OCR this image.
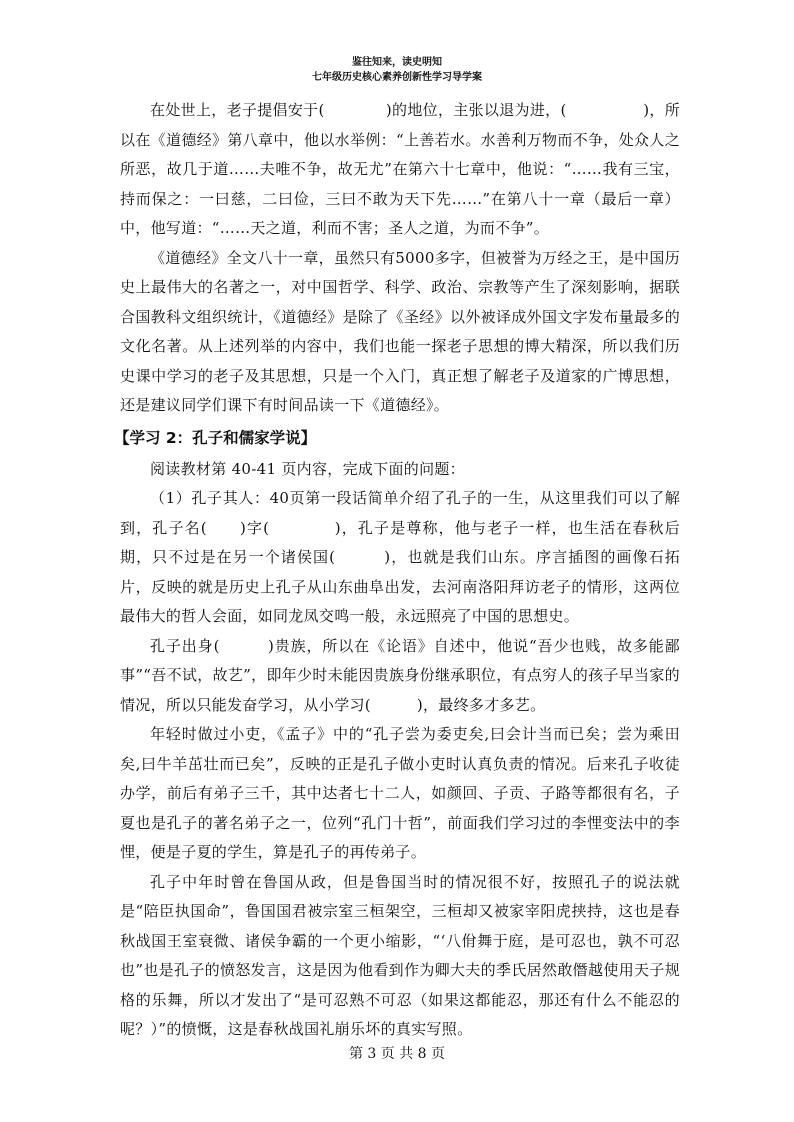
鉴往知来，读史明知
七年级历史核心素养创新性学习导学案

在处世上，老子提倡安于(　　　　)的地位，主张以退为进，(　　　　　)，所以在《道德经》第八章中，他以水举例：“上善若水。水善利万物而不争，处众人之所恶，故几于道……夫唯不争，故无尤”在第六十七章中，他说：“……我有三宝，持而保之：一曰慈，二曰俭，三曰不敢为天下先……”在第八十一章（最后一章）中，他写道：“……天之道，利而不害；圣人之道，为而不争”。

《道德经》全文八十一章，虽然只有5000多字，但被誉为万经之王，是中国历史上最伟大的名著之一，对中国哲学、科学、政治、宗教等产生了深刻影响，据联合国教科文组织统计，《道德经》是除了《圣经》以外被译成外国文字发布量最多的文化名著。从上述列举的内容中，我们也能一探老子思想的博大精深，所以我们历史课中学习的老子及其思想，只是一个入门，真正想了解老子及道家的广博思想，还是建议同学们课下有时间品读一下《道德经》。

【学习 2：孔子和儒家学说】

阅读教材第 40-41 页内容，完成下面的问题：

（1）孔子其人：40页第一段话简单介绍了孔子的一生，从这里我们可以了解到，孔子名(　　)字(　　　　)，孔子是尊称，他与老子一样，也生活在春秋后期，只不过是在另一个诸侯国(　　　)，也就是我们山东。序言插图的画像石拓片，反映的就是历史上孔子从山东曲阜出发，去河南洛阳拜访老子的情形，这两位最伟大的哲人会面，如同龙凤交鸣一般，永远照亮了中国的思想史。

孔子出身(　　　)贵族，所以在《论语》自述中，他说“吾少也贱，故多能鄙事”“吾不试，故艺”，即年少时未能因贵族身份继承职位，有点穷人的孩子早当家的情况，所以只能发奋学习，从小学习(　　　)，最终多才多艺。

年轻时做过小吏，《孟子》中的“孔子尝为委吏矣,曰会计当而已矣；尝为乘田矣,曰牛羊茁壮而已矣”，反映的正是孔子做小吏时认真负责的情况。后来孔子收徒办学，前后有弟子三千，其中达者七十二人，如颜回、子贡、子路等都很有名，子夏也是孔子的著名弟子之一，位列“孔门十哲”，前面我们学习过的李悝变法中的李悝，便是子夏的学生，算是孔子的再传弟子。

孔子中年时曾在鲁国从政，但是鲁国当时的情况很不好，按照孔子的说法就是“陪臣执国命”，鲁国国君被宗室三桓架空，三桓却又被家宰阳虎挟持，这也是春秋战国王室衰微、诸侯争霸的一个更小缩影，“‘八佾舞于庭，是可忍也，孰不可忍也”也是孔子的愤怒发言，这是因为他看到作为卿大夫的季氏居然敢僭越使用天子规格的乐舞，所以才发出了“是可忍熟不可忍（如果这都能忍，那还有什么不能忍的呢？）”的愤慨，这是春秋战国礼崩乐坏的真实写照。

第 3 页 共 8 页
